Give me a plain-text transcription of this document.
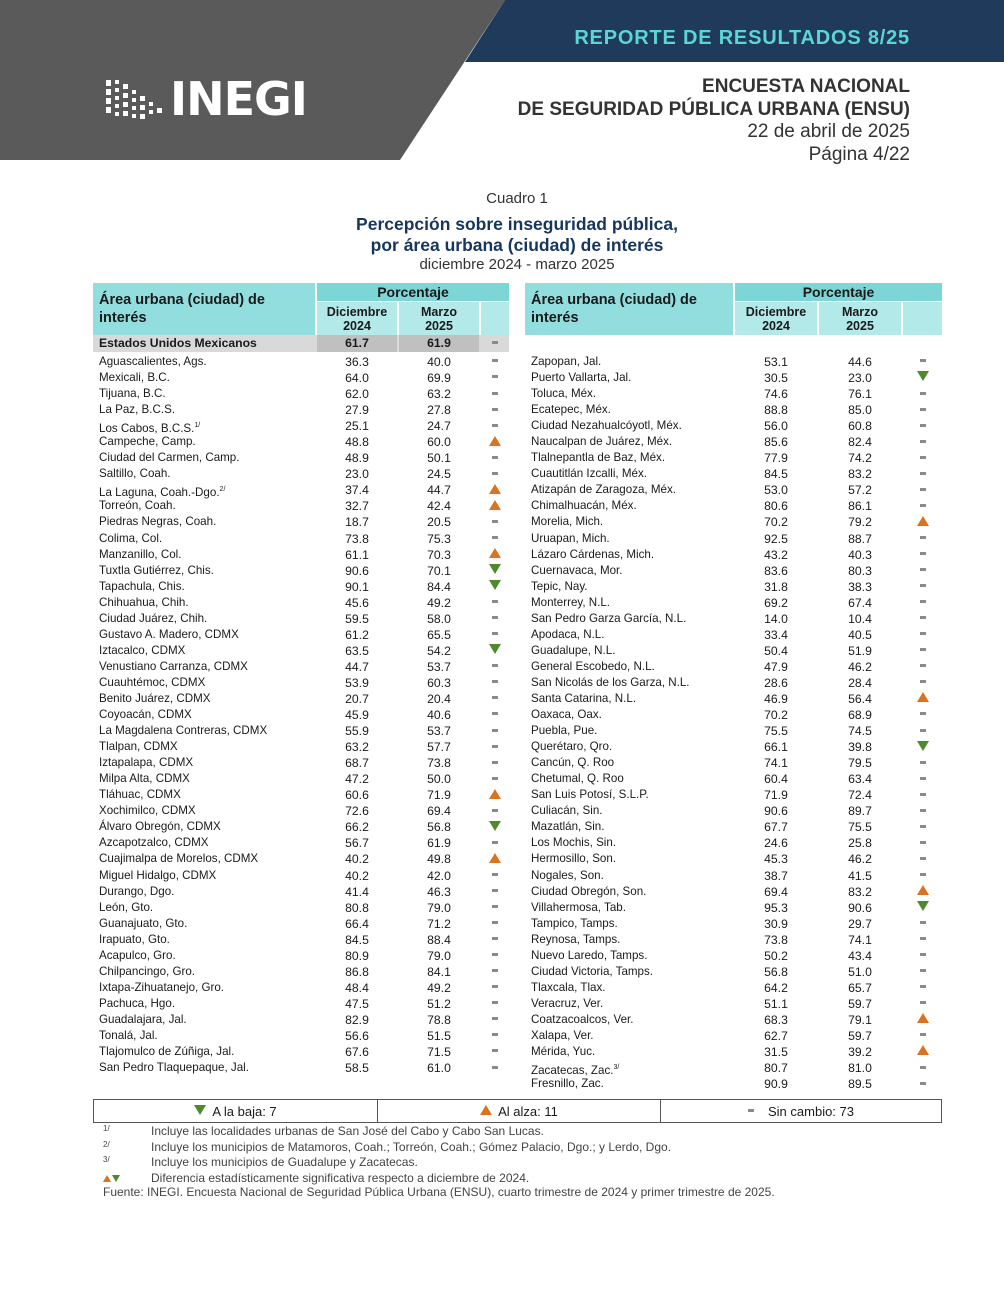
INEGI
REPORTE DE RESULTADOS 8/25
ENCUESTA NACIONAL
DE SEGURIDAD PÚBLICA URBANA (ENSU)
22 de abril de 2025
Página 4/22
Cuadro 1
Percepción sobre inseguridad pública,
por área urbana (ciudad) de interés
diciembre 2024 - marzo 2025
Área urbana (ciudad) de interés
Porcentaje
Diciembre
2024
Marzo
2025
Estados Unidos Mexicanos	61.7	61.9
Aguascalientes, Ags.	36.3	40.0
Mexicali, B.C.	64.0	69.9
Tijuana, B.C.	62.0	63.2
La Paz, B.C.S.	27.9	27.8
Los Cabos, B.C.S.$^{1/}$	25.1	24.7
Campeche, Camp.	48.8	60.0
Ciudad del Carmen, Camp.	48.9	50.1
Saltillo, Coah.	23.0	24.5
La Laguna, Coah.-Dgo.$^{2/}$	37.4	44.7
Torreón, Coah.	32.7	42.4
Piedras Negras, Coah.	18.7	20.5
Colima, Col.	73.8	75.3
Manzanillo, Col.	61.1	70.3
Tuxtla Gutiérrez, Chis.	90.6	70.1
Tapachula, Chis.	90.1	84.4
Chihuahua, Chih.	45.6	49.2
Ciudad Juárez, Chih.	59.5	58.0
Gustavo A. Madero, CDMX	61.2	65.5
Iztacalco, CDMX	63.5	54.2
Venustiano Carranza, CDMX	44.7	53.7
Cuauhtémoc, CDMX	53.9	60.3
Benito Juárez, CDMX	20.7	20.4
Coyoacán, CDMX	45.9	40.6
La Magdalena Contreras, CDMX	55.9	53.7
Tlalpan, CDMX	63.2	57.7
Iztapalapa, CDMX	68.7	73.8
Milpa Alta, CDMX	47.2	50.0
Tláhuac, CDMX	60.6	71.9
Xochimilco, CDMX	72.6	69.4
Álvaro Obregón, CDMX	66.2	56.8
Azcapotzalco, CDMX	56.7	61.9
Cuajimalpa de Morelos, CDMX	40.2	49.8
Miguel Hidalgo, CDMX	40.2	42.0
Durango, Dgo.	41.4	46.3
León, Gto.	80.8	79.0
Guanajuato, Gto.	66.4	71.2
Irapuato, Gto.	84.5	88.4
Acapulco, Gro.	80.9	79.0
Chilpancingo, Gro.	86.8	84.1
Ixtapa-Zihuatanejo, Gro.	48.4	49.2
Pachuca, Hgo.	47.5	51.2
Guadalajara, Jal.	82.9	78.8
Tonalá, Jal.	56.6	51.5
Tlajomulco de Zúñiga, Jal.	67.6	71.5
San Pedro Tlaquepaque, Jal.	58.5	61.0
Área urbana (ciudad) de interés
Porcentaje
Diciembre
2024
Marzo
2025
Zapopan, Jal.	53.1	44.6
Puerto Vallarta, Jal.	30.5	23.0
Toluca, Méx.	74.6	76.1
Ecatepec, Méx.	88.8	85.0
Ciudad Nezahualcóyotl, Méx.	56.0	60.8
Naucalpan de Juárez, Méx.	85.6	82.4
Tlalnepantla de Baz, Méx.	77.9	74.2
Cuautitlán Izcalli, Méx.	84.5	83.2
Atizapán de Zaragoza, Méx.	53.0	57.2
Chimalhuacán, Méx.	80.6	86.1
Morelia, Mich.	70.2	79.2
Uruapan, Mich.	92.5	88.7
Lázaro Cárdenas, Mich.	43.2	40.3
Cuernavaca, Mor.	83.6	80.3
Tepic, Nay.	31.8	38.3
Monterrey, N.L.	69.2	67.4
San Pedro Garza García, N.L.	14.0	10.4
Apodaca, N.L.	33.4	40.5
Guadalupe, N.L.	50.4	51.9
General Escobedo, N.L.	47.9	46.2
San Nicolás de los Garza, N.L.	28.6	28.4
Santa Catarina, N.L.	46.9	56.4
Oaxaca, Oax.	70.2	68.9
Puebla, Pue.	75.5	74.5
Querétaro, Qro.	66.1	39.8
Cancún, Q. Roo	74.1	79.5
Chetumal, Q. Roo	60.4	63.4
San Luis Potosí, S.L.P.	71.9	72.4
Culiacán, Sin.	90.6	89.7
Mazatlán, Sin.	67.7	75.5
Los Mochis, Sin.	24.6	25.8
Hermosillo, Son.	45.3	46.2
Nogales, Son.	38.7	41.5
Ciudad Obregón, Son.	69.4	83.2
Villahermosa, Tab.	95.3	90.6
Tampico, Tamps.	30.9	29.7
Reynosa, Tamps.	73.8	74.1
Nuevo Laredo, Tamps.	50.2	43.4
Ciudad Victoria, Tamps.	56.8	51.0
Tlaxcala, Tlax.	64.2	65.7
Veracruz, Ver.	51.1	59.7
Coatzacoalcos, Ver.	68.3	79.1
Xalapa, Ver.	62.7	59.7
Mérida, Yuc.	31.5	39.2
Zacatecas, Zac.$^{3/}$	80.7	81.0
Fresnillo, Zac.	90.9	89.5
A la baja: 7	Al alza: 11	Sin cambio: 73
1/	Incluye las localidades urbanas de San José del Cabo y Cabo San Lucas.
2/	Incluye los municipios de Matamoros, Coah.; Torreón, Coah.; Gómez Palacio, Dgo.; y Lerdo, Dgo.
3/	Incluye los municipios de Guadalupe y Zacatecas.
Diferencia estadísticamente significativa respecto a diciembre de 2024.
Fuente: INEGI. Encuesta Nacional de Seguridad Pública Urbana (ENSU), cuarto trimestre de 2024 y primer trimestre de 2025.
